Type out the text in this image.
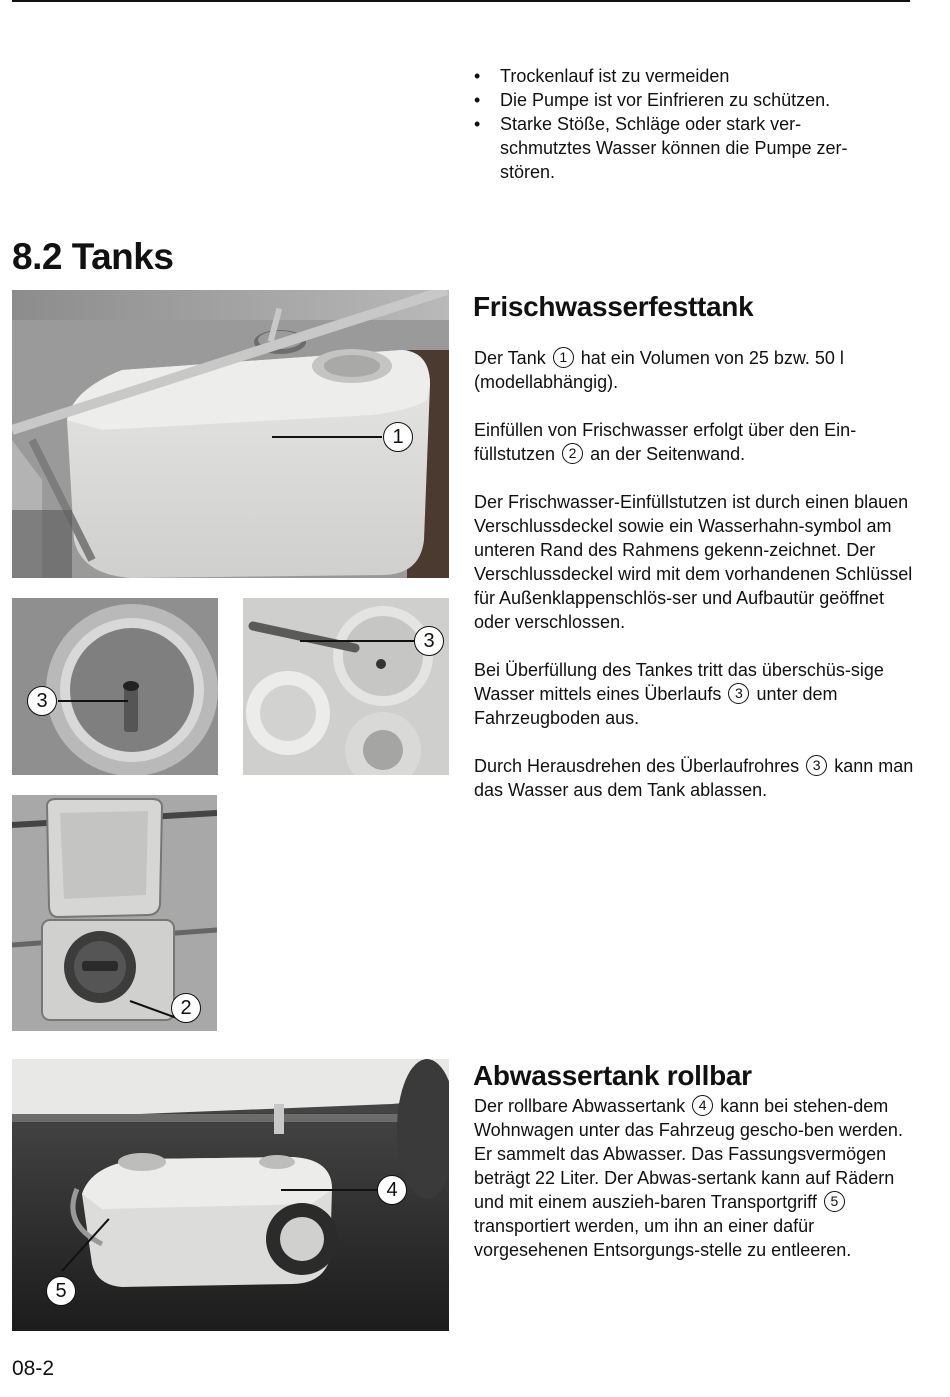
• Trockenlauf ist zu vermeiden
• Die Pumpe ist vor Einfrieren zu schützen.
• Starke Stöße, Schläge oder stark ver-
schmutztes Wasser können die Pumpe zer-
stören.
8.2 Tanks
1
3
3
2
4
5
Frischwasserfesttank

Der Tank 1 hat ein Volumen von 25 bzw. 50 l (modellabhängig).

Einfüllen von Frischwasser erfolgt über den Ein-
füllstutzen 2 an der Seitenwand.

Der Frischwasser-Einfüllstutzen ist durch einen blauen Verschlussdeckel sowie ein Wasserhahn-symbol am unteren Rand des Rahmens gekenn-zeichnet. Der Verschlussdeckel wird mit dem vorhandenen Schlüssel für Außenklappenschlös-ser und Aufbautür geöffnet oder verschlossen.

Bei Überfüllung des Tankes tritt das überschüs-sige Wasser mittels eines Überlaufs 3 unter dem Fahrzeugboden aus.

Durch Herausdrehen des Überlaufrohres 3 kann man das Wasser aus dem Tank ablassen.

Abwassertank rollbar

Der rollbare Abwassertank 4 kann bei stehen-dem Wohnwagen unter das Fahrzeug gescho-ben werden. Er sammelt das Abwasser. Das Fassungsvermögen beträgt 22 Liter. Der Abwas-sertank kann auf Rädern und mit einem auszieh-baren Transportgriff 5 transportiert werden, um ihn an einer dafür vorgesehenen Entsorgungs-stelle zu entleeren.

08-2
